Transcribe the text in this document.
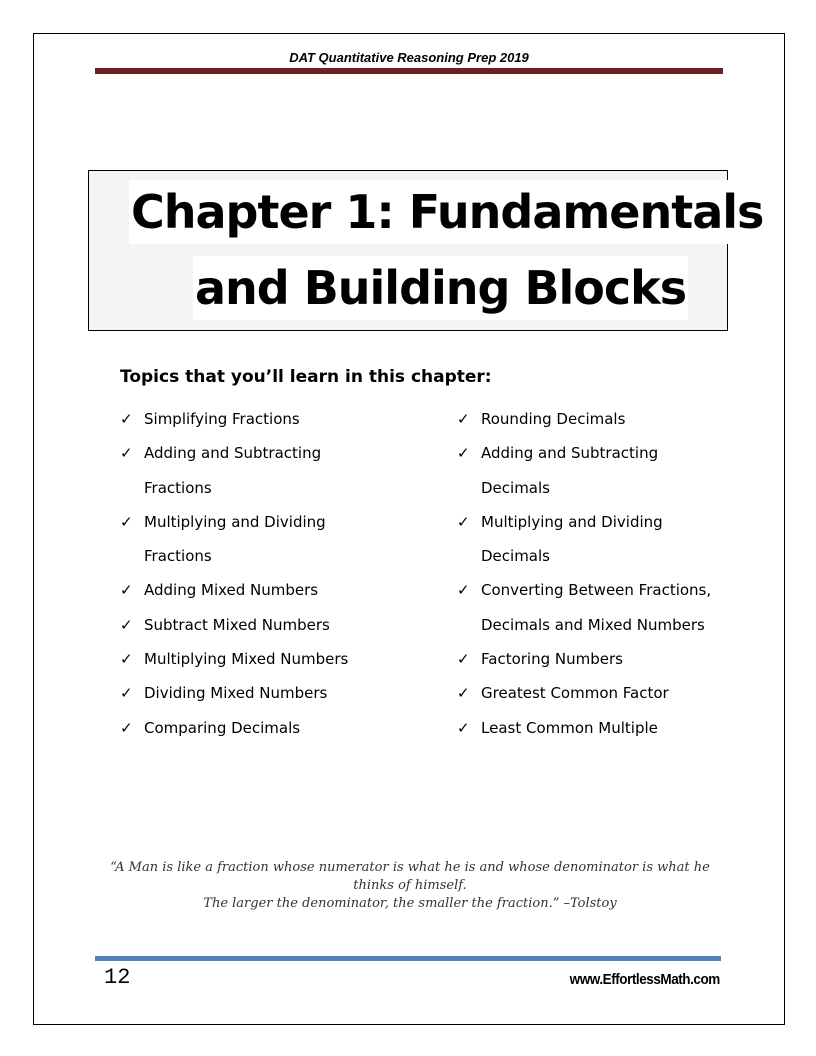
DAT Quantitative Reasoning Prep 2019
Chapter 1: Fundamentals
and Building Blocks
Topics that you’ll learn in this chapter:
✓ Simplifying Fractions
✓ Adding and Subtracting
Fractions
✓ Multiplying and Dividing
Fractions
✓ Adding Mixed Numbers
✓ Subtract Mixed Numbers
✓ Multiplying Mixed Numbers
✓ Dividing Mixed Numbers
✓ Comparing Decimals
✓ Rounding Decimals
✓ Adding and Subtracting
Decimals
✓ Multiplying and Dividing
Decimals
✓ Converting Between Fractions,
Decimals and Mixed Numbers
✓ Factoring Numbers
✓ Greatest Common Factor
✓ Least Common Multiple
“A Man is like a fraction whose numerator is what he is and whose denominator is what he thinks of himself.
The larger the denominator, the smaller the fraction.” –Tolstoy
12	www.EffortlessMath.com
